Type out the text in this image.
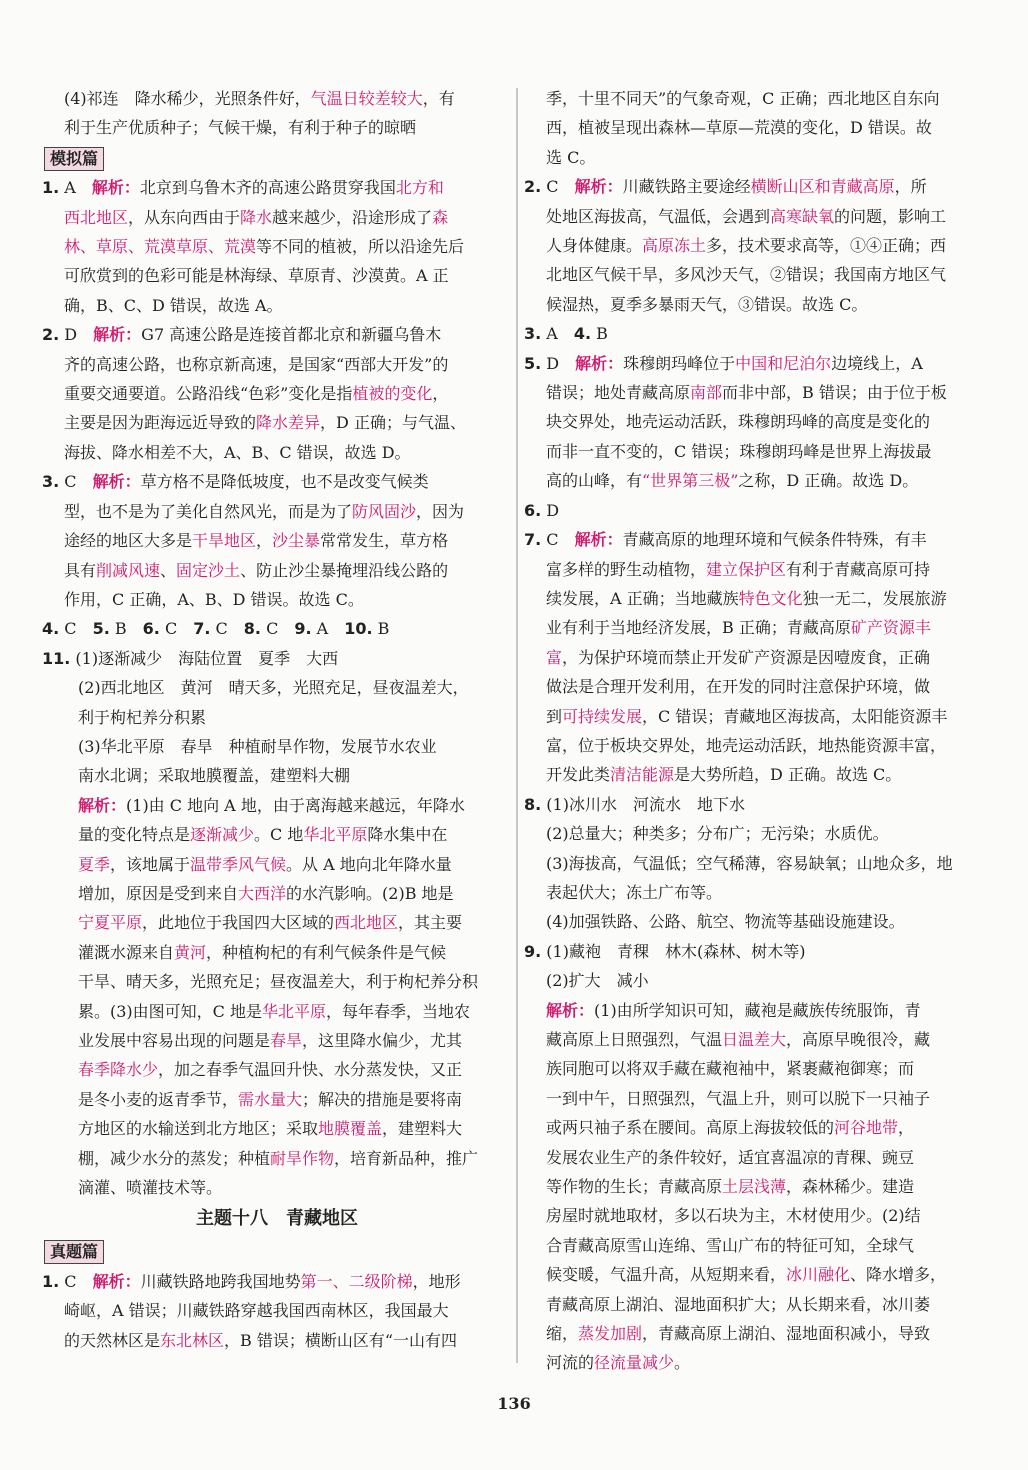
(4)祁连　降水稀少，光照条件好，气温日较差较大，有
利于生产优质种子；气候干燥，有利于种子的晾晒
模拟篇
1. A　解析：北京到乌鲁木齐的高速公路贯穿我国北方和
西北地区，从东向西由于降水越来越少，沿途形成了森
林、草原、荒漠草原、荒漠等不同的植被，所以沿途先后
可欣赏到的色彩可能是林海绿、草原青、沙漠黄。A 正
确，B、C、D 错误，故选 A。
2. D　解析：G7 高速公路是连接首都北京和新疆乌鲁木
齐的高速公路，也称京新高速，是国家“西部大开发”的
重要交通要道。公路沿线“色彩”变化是指植被的变化，
主要是因为距海远近导致的降水差异，D 正确；与气温、
海拔、降水相差不大，A、B、C 错误，故选 D。
3. C　解析：草方格不是降低坡度，也不是改变气候类
型，也不是为了美化自然风光，而是为了防风固沙，因为
途经的地区大多是干旱地区，沙尘暴常常发生，草方格
具有削减风速、固定沙土、防止沙尘暴掩埋沿线公路的
作用，C 正确，A、B、D 错误。故选 C。
4. C　5. B　6. C　7. C　8. C　9. A　10. B
11. (1)逐渐减少　海陆位置　夏季　大西
(2)西北地区　黄河　晴天多，光照充足，昼夜温差大，
利于枸杞养分积累
(3)华北平原　春旱　种植耐旱作物，发展节水农业
南水北调；采取地膜覆盖，建塑料大棚
解析：(1)由 C 地向 A 地，由于离海越来越远，年降水
量的变化特点是逐渐减少。C 地华北平原降水集中在
夏季，该地属于温带季风气候。从 A 地向北年降水量
增加，原因是受到来自大西洋的水汽影响。(2)B 地是
宁夏平原，此地位于我国四大区域的西北地区，其主要
灌溉水源来自黄河，种植枸杞的有利气候条件是气候
干旱、晴天多，光照充足；昼夜温差大，利于枸杞养分积
累。(3)由图可知，C 地是华北平原，每年春季，当地农
业发展中容易出现的问题是春旱，这里降水偏少，尤其
春季降水少，加之春季气温回升快、水分蒸发快，又正
是冬小麦的返青季节，需水量大；解决的措施是要将南
方地区的水输送到北方地区；采取地膜覆盖，建塑料大
棚，减少水分的蒸发；种植耐旱作物，培育新品种，推广
滴灌、喷灌技术等。
主题十八　青藏地区
真题篇
1. C　解析：川藏铁路地跨我国地势第一、二级阶梯，地形
崎岖，A 错误；川藏铁路穿越我国西南林区，我国最大
的天然林区是东北林区，B 错误；横断山区有“一山有四
季，十里不同天”的气象奇观，C 正确；西北地区自东向
西，植被呈现出森林—草原—荒漠的变化，D 错误。故
选 C。
2. C　解析：川藏铁路主要途经横断山区和青藏高原，所
处地区海拔高，气温低，会遇到高寒缺氧的问题，影响工
人身体健康。高原冻土多，技术要求高等，①④正确；西
北地区气候干旱，多风沙天气，②错误；我国南方地区气
候湿热，夏季多暴雨天气，③错误。故选 C。
3. A　4. B
5. D　解析：珠穆朗玛峰位于中国和尼泊尔边境线上，A
错误；地处青藏高原南部而非中部，B 错误；由于位于板
块交界处，地壳运动活跃，珠穆朗玛峰的高度是变化的
而非一直不变的，C 错误；珠穆朗玛峰是世界上海拔最
高的山峰，有“世界第三极”之称，D 正确。故选 D。
6. D
7. C　解析：青藏高原的地理环境和气候条件特殊，有丰
富多样的野生动植物，建立保护区有利于青藏高原可持
续发展，A 正确；当地藏族特色文化独一无二，发展旅游
业有利于当地经济发展，B 正确；青藏高原矿产资源丰
富，为保护环境而禁止开发矿产资源是因噎废食，正确
做法是合理开发利用，在开发的同时注意保护环境，做
到可持续发展，C 错误；青藏地区海拔高，太阳能资源丰
富，位于板块交界处，地壳运动活跃，地热能资源丰富，
开发此类清洁能源是大势所趋，D 正确。故选 C。
8. (1)冰川水　河流水　地下水
(2)总量大；种类多；分布广；无污染；水质优。
(3)海拔高，气温低；空气稀薄，容易缺氧；山地众多，地
表起伏大；冻土广布等。
(4)加强铁路、公路、航空、物流等基础设施建设。
9. (1)藏袍　青稞　林木(森林、树木等)
(2)扩大　减小
解析：(1)由所学知识可知，藏袍是藏族传统服饰，青
藏高原上日照强烈，气温日温差大，高原早晚很冷，藏
族同胞可以将双手藏在藏袍袖中，紧裹藏袍御寒；而
一到中午，日照强烈，气温上升，则可以脱下一只袖子
或两只袖子系在腰间。高原上海拔较低的河谷地带，
发展农业生产的条件较好，适宜喜温凉的青稞、豌豆
等作物的生长；青藏高原土层浅薄，森林稀少。建造
房屋时就地取材，多以石块为主，木材使用少。(2)结
合青藏高原雪山连绵、雪山广布的特征可知，全球气
候变暖，气温升高，从短期来看，冰川融化、降水增多，
青藏高原上湖泊、湿地面积扩大；从长期来看，冰川萎
缩，蒸发加剧，青藏高原上湖泊、湿地面积减小，导致
河流的径流量减少。
136
